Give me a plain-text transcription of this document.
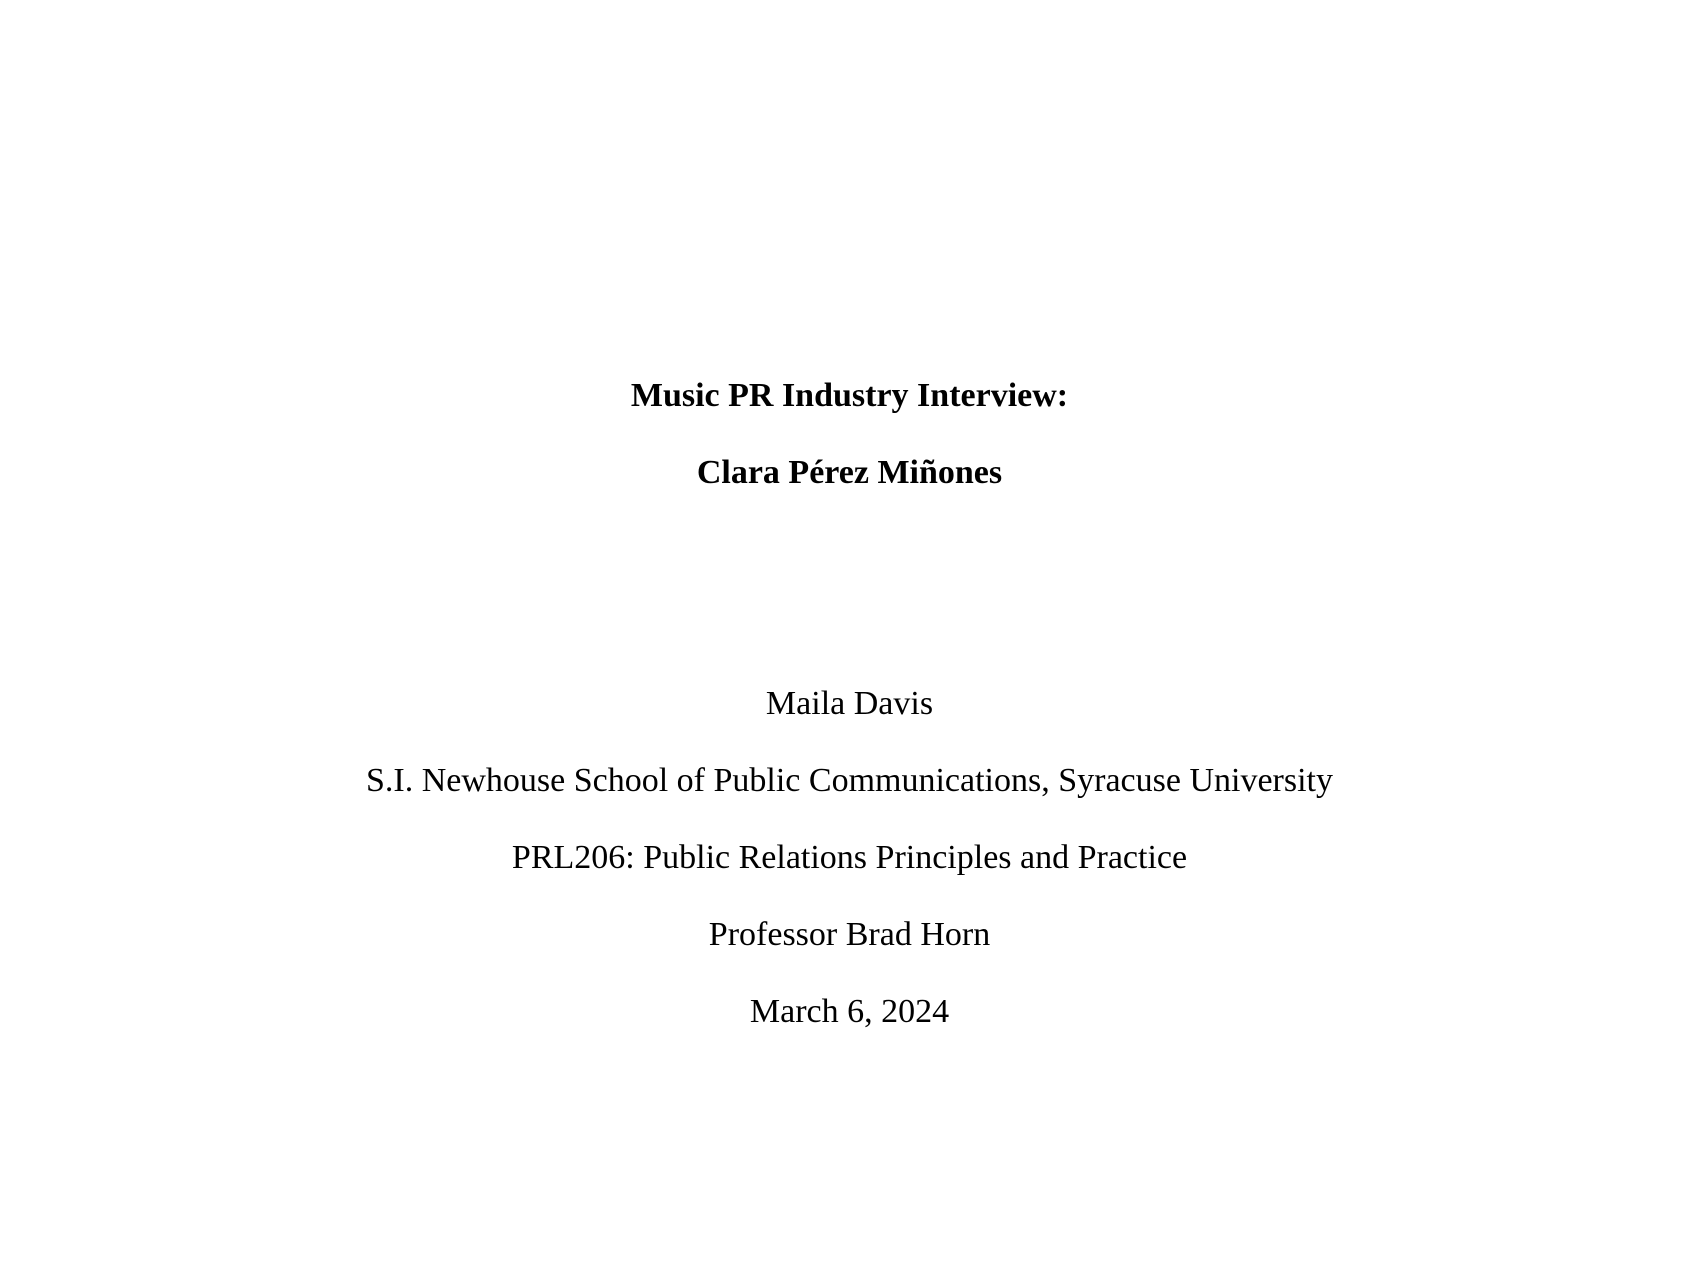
Music PR Industry Interview:
Clara Pérez Miñones
Maila Davis
S.I. Newhouse School of Public Communications, Syracuse University
PRL206: Public Relations Principles and Practice
Professor Brad Horn
March 6, 2024
